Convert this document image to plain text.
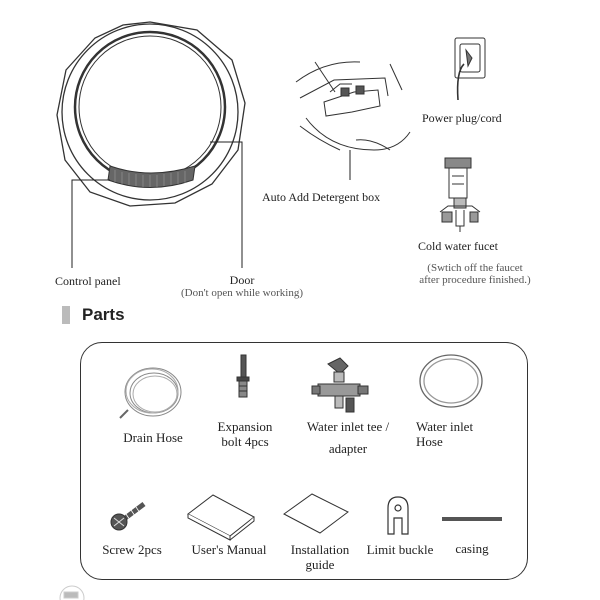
Control panel	Door
(Don't open while working)
Auto Add Detergent box
Power plug/cord
Cold water fucet
(Swtich off the faucet
after procedure finished.)
Parts
Drain Hose
Expansion
bolt 4pcs
Water inlet tee /
adapter
Water inlet
Hose
Screw 2pcs	User's Manual	Installation
guide
Limit buckle	casing
